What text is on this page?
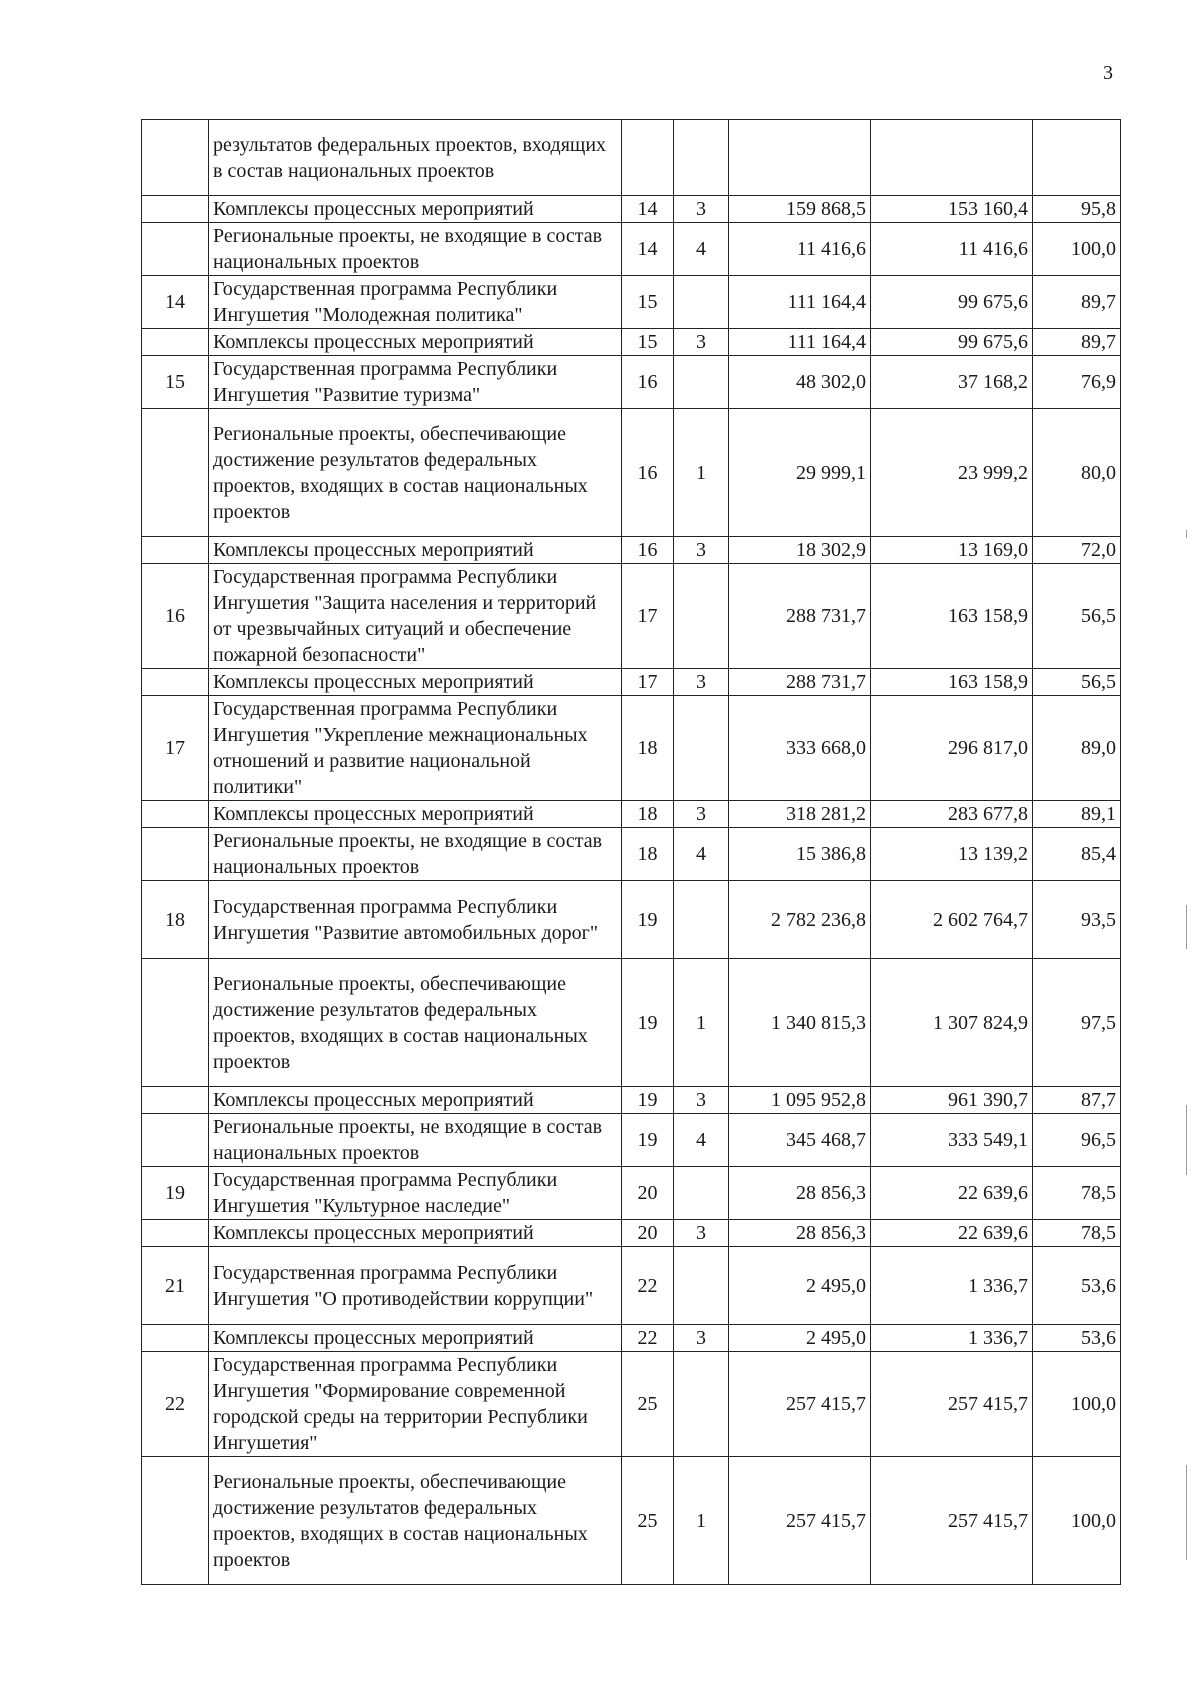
3
	результатов федеральных проектов, входящих в состав национальных проектов					
	Комплексы процессных мероприятий	14	3	159 868,5	153 160,4	95,8
	Региональные проекты, не входящие в состав национальных проектов	14	4	11 416,6	11 416,6	100,0
14	Государственная программа Республики Ингушетия "Молодежная политика"	15		111 164,4	99 675,6	89,7
	Комплексы процессных мероприятий	15	3	111 164,4	99 675,6	89,7
15	Государственная программа Республики Ингушетия "Развитие туризма"	16		48 302,0	37 168,2	76,9
	Региональные проекты, обеспечивающие достижение результатов федеральных проектов, входящих в состав национальных проектов	16	1	29 999,1	23 999,2	80,0
	Комплексы процессных мероприятий	16	3	18 302,9	13 169,0	72,0
16	Государственная программа Республики Ингушетия "Защита населения и территорий от чрезвычайных ситуаций и обеспечение пожарной безопасности"	17		288 731,7	163 158,9	56,5
	Комплексы процессных мероприятий	17	3	288 731,7	163 158,9	56,5
17	Государственная программа Республики Ингушетия "Укрепление межнациональных отношений и развитие национальной политики"	18		333 668,0	296 817,0	89,0
	Комплексы процессных мероприятий	18	3	318 281,2	283 677,8	89,1
	Региональные проекты, не входящие в состав национальных проектов	18	4	15 386,8	13 139,2	85,4
18	Государственная программа Республики Ингушетия "Развитие автомобильных дорог"	19		2 782 236,8	2 602 764,7	93,5
	Региональные проекты, обеспечивающие достижение результатов федеральных проектов, входящих в состав национальных проектов	19	1	1 340 815,3	1 307 824,9	97,5
	Комплексы процессных мероприятий	19	3	1 095 952,8	961 390,7	87,7
	Региональные проекты, не входящие в состав национальных проектов	19	4	345 468,7	333 549,1	96,5
19	Государственная программа Республики Ингушетия "Культурное наследие"	20		28 856,3	22 639,6	78,5
	Комплексы процессных мероприятий	20	3	28 856,3	22 639,6	78,5
21	Государственная программа Республики Ингушетия "О противодействии коррупции"	22		2 495,0	1 336,7	53,6
	Комплексы процессных мероприятий	22	3	2 495,0	1 336,7	53,6
22	Государственная программа Республики Ингушетия "Формирование современной городской среды на территории Республики Ингушетия"	25		257 415,7	257 415,7	100,0
	Региональные проекты, обеспечивающие достижение результатов федеральных проектов, входящих в состав национальных проектов	25	1	257 415,7	257 415,7	100,0
